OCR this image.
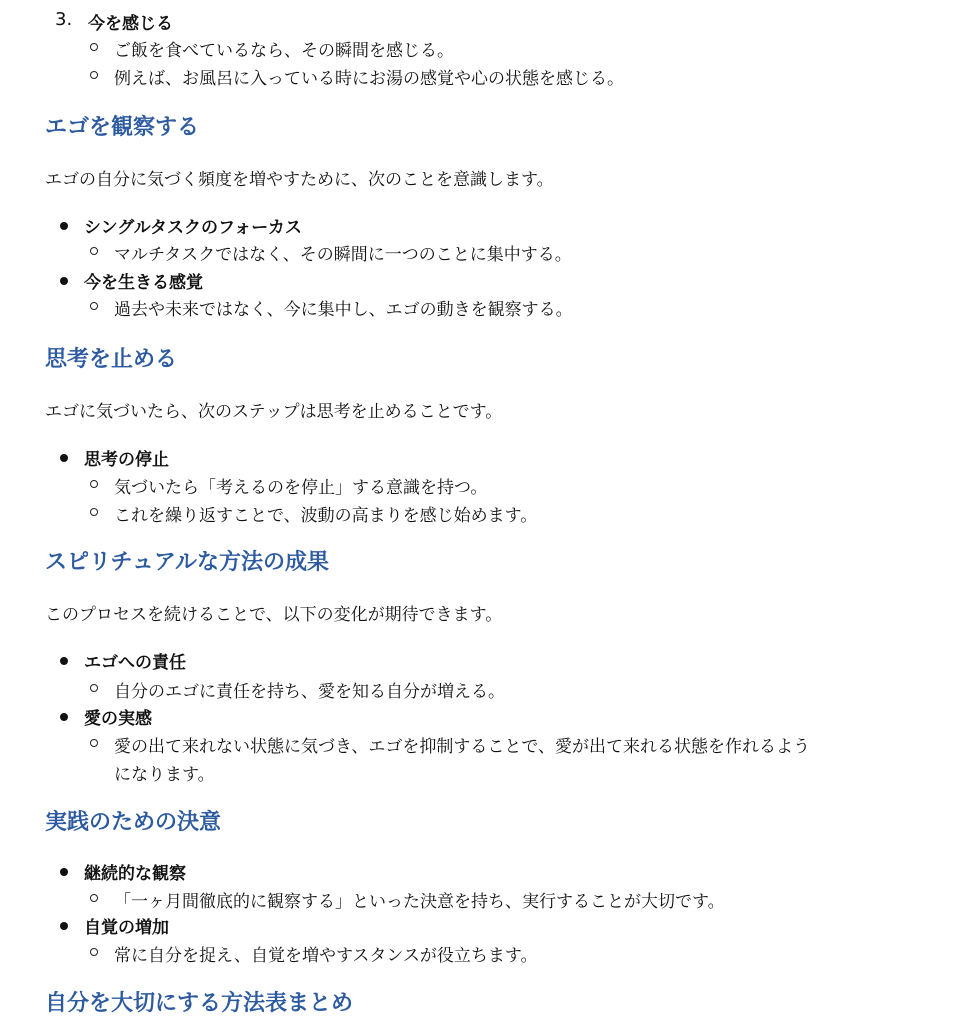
3. 今を感じる
ご飯を食べているなら、その瞬間を感じる。
例えば、お風呂に入っている時にお湯の感覚や心の状態を感じる。
エゴを観察する
エゴの自分に気づく頻度を増やすために、次のことを意識します。
シングルタスクのフォーカス
マルチタスクではなく、その瞬間に一つのことに集中する。
今を生きる感覚
過去や未来ではなく、今に集中し、エゴの動きを観察する。
思考を止める
エゴに気づいたら、次のステップは思考を止めることです。
思考の停止
気づいたら「考えるのを停止」する意識を持つ。
これを繰り返すことで、波動の高まりを感じ始めます。
スピリチュアルな方法の成果
このプロセスを続けることで、以下の変化が期待できます。
エゴへの責任
自分のエゴに責任を持ち、愛を知る自分が増える。
愛の実感
愛の出て来れない状態に気づき、エゴを抑制することで、愛が出て来れる状態を作れるよう
になります。
実践のための決意
継続的な観察
「一ヶ月間徹底的に観察する」といった決意を持ち、実行することが大切です。
自覚の増加
常に自分を捉え、自覚を増やすスタンスが役立ちます。
自分を大切にする方法表まとめ
